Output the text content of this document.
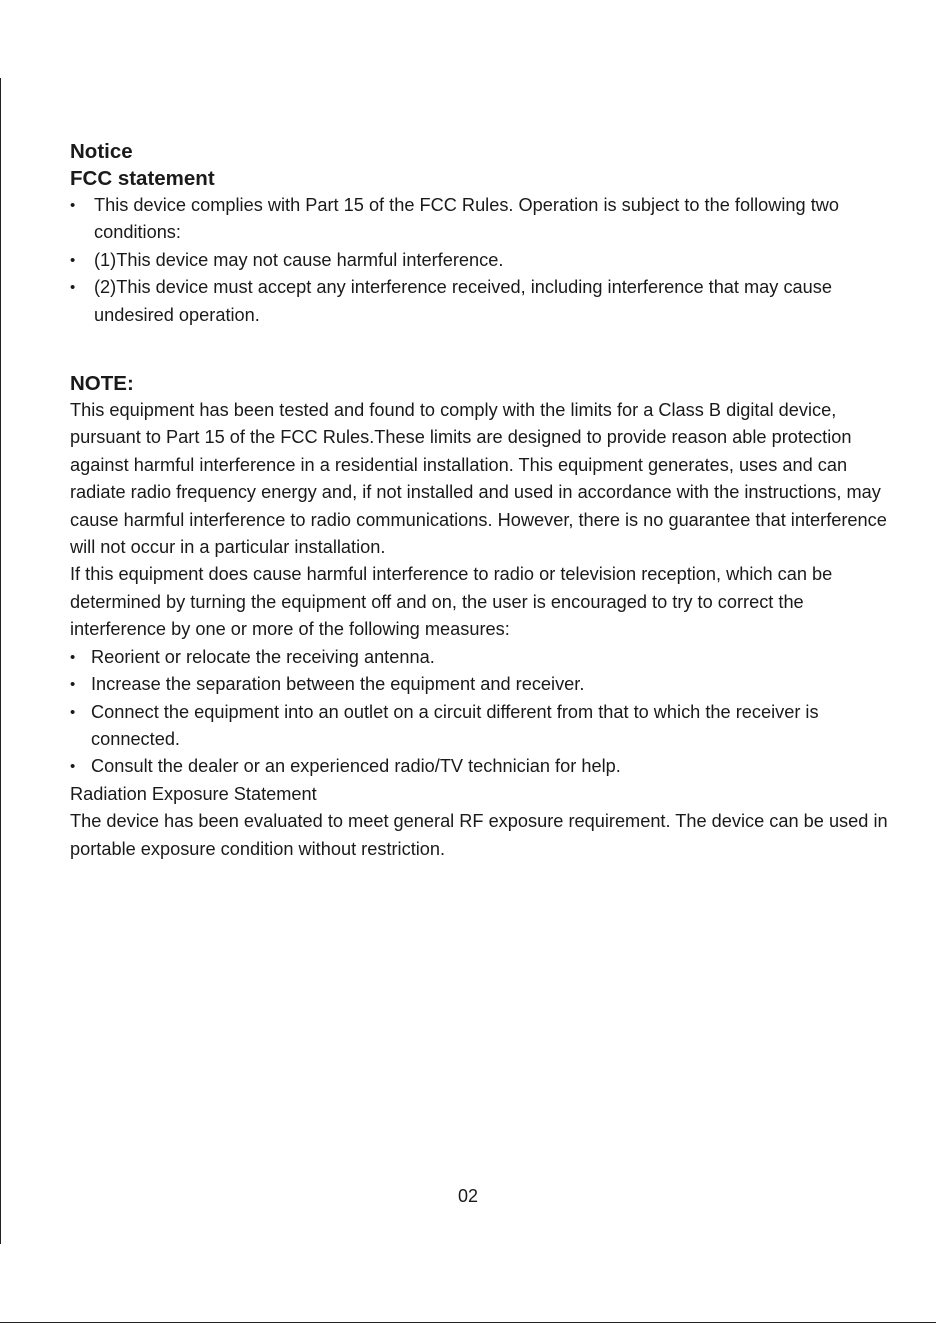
Notice
FCC statement
• This device complies with Part 15 of the FCC Rules. Operation is subject to the following two conditions:
• (1)This device may not cause harmful interference.
• (2)This device must accept any interference received, including interference that may cause undesired operation.
NOTE:

This equipment has been tested and found to comply with the limits for a Class B digital device, pursuant to Part 15 of the FCC Rules.These limits are designed to provide reason able protection against harmful interference in a residential installation. This equipment generates, uses and can radiate radio frequency energy and, if not installed and used in accordance with the instructions, may cause harmful interference to radio communications. However, there is no guarantee that interference will not occur in a particular installation.

If this equipment does cause harmful interference to radio or television reception, which can be determined by turning the equipment off and on, the user is encouraged to try to correct the interference by one or more of the following measures:

• Reorient or relocate the receiving antenna.
• Increase the separation between the equipment and receiver.
• Connect the equipment into an outlet on a circuit different from that to which the receiver is connected.
• Consult the dealer or an experienced radio/TV technician for help.

Radiation Exposure Statement

The device has been evaluated to meet general RF exposure requirement. The device can be used in portable exposure condition without restriction.

02
